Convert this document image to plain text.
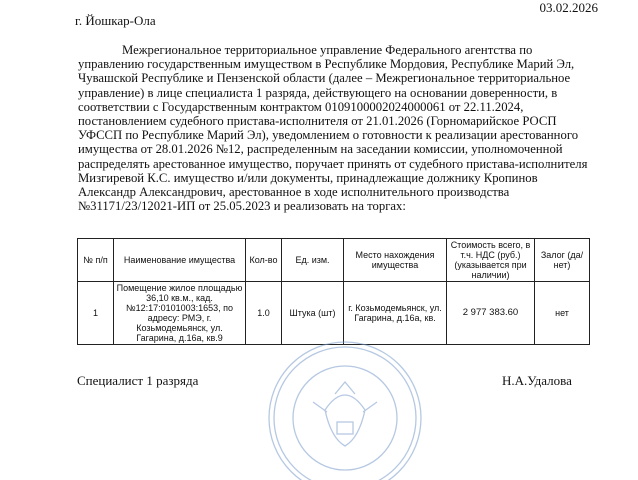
03.02.2026
г. Йошкар-Ола

Межрегиональное территориальное управление Федерального агентства по управлению государственным имуществом в Республике Мордовия, Республике Марий Эл, Чувашской Республике и Пензенской области (далее – Межрегиональное территориальное управление) в лице специалиста 1 разряда, действующего на основании доверенности, в соответствии с Государственным контрактом 0109100002024000061 от 22.11.2024, постановлением судебного пристава-исполнителя от 21.01.2026 (Горномарийское РОСП УФССП по Республике Марий Эл), уведомлением о готовности к реализации арестованного имущества от 28.01.2026 №12, распределенным на заседании комиссии, уполномоченной распределять арестованное имущество, поручает принять от судебного пристава-исполнителя Мизгиревой К.С. имущество и/или документы, принадлежащие должнику Кропинов Александр Александрович, арестованное в ходе исполнительного производства №31171/23/12021-ИП от 25.05.2023 и реализовать на торгах:

№ п/п	Наименование имущества	Кол-во	Ед. изм.	Место нахождения имущества	Стоимость всего, в т.ч. НДС (руб.) (указывается при наличии)	Залог (да/нет)
1	Помещение жилое площадью 36,10 кв.м., кад.№12:17:0101003:1653, по адресу: РМЭ, г. Козьмодемьянск, ул. Гагарина, д.16а, кв.9	1.0	Штука (шт)	г. Козьмодемьянск, ул. Гагарина, д.16а, кв.	2 977 383.60	нет
Специалист 1 разряда	Н.А.Удалова
